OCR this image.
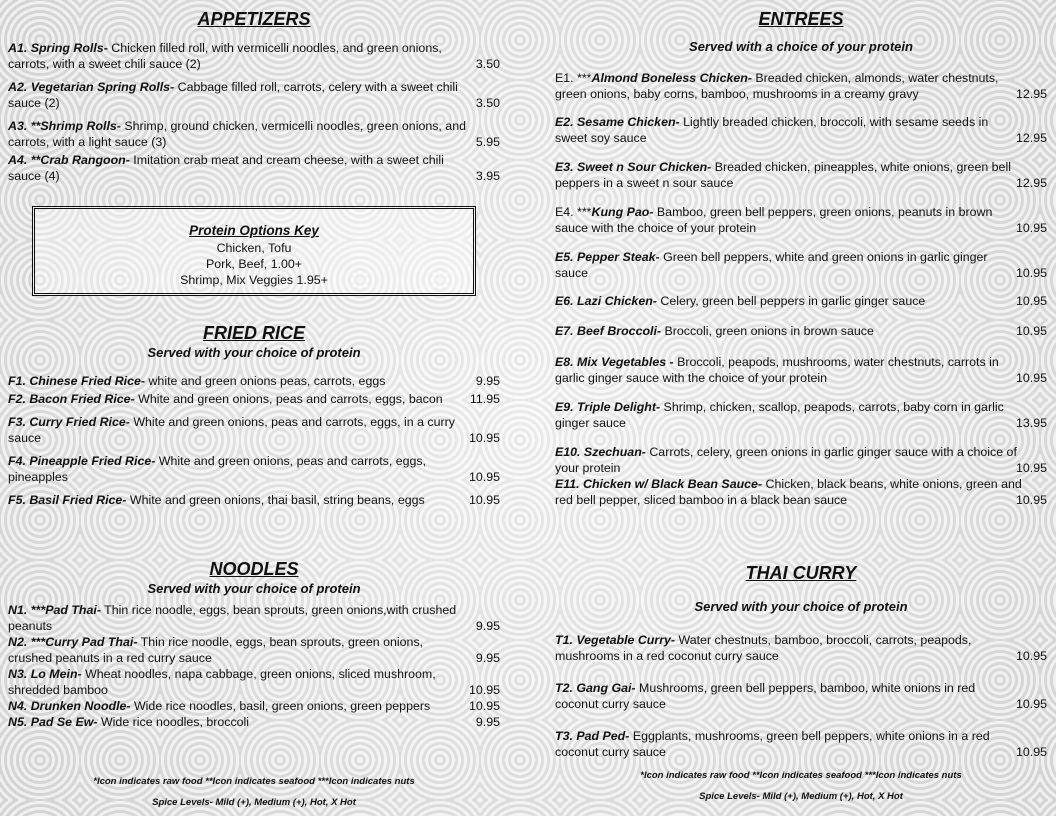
APPETIZERS
A1. Spring Rolls- Chicken filled roll, with vermicelli noodles, and green onions,
carrots, with a sweet chili sauce (2)	3.50
A2. Vegetarian Spring Rolls- Cabbage filled roll, carrots, celery with a sweet chili
sauce (2)	3.50
A3. **Shrimp Rolls- Shrimp, ground chicken, vermicelli noodles, green onions, and
carrots, with a light sauce (3)	5.95
A4. **Crab Rangoon- Imitation crab meat and cream cheese, with a sweet chili
sauce (4)	3.95
Protein Options Key
Chicken, Tofu
Pork, Beef, 1.00+
Shrimp, Mix Veggies 1.95+
FRIED RICE
Served with your choice of protein
F1. Chinese Fried Rice- white and green onions peas, carrots, eggs	9.95
F2. Bacon Fried Rice- White and green onions, peas and carrots, eggs, bacon	11.95
F3. Curry Fried Rice- White and green onions, peas and carrots, eggs, in a curry
sauce	10.95
F4. Pineapple Fried Rice- White and green onions, peas and carrots, eggs,
pineapples	10.95
F5. Basil Fried Rice- White and green onions, thai basil, string beans, eggs	10.95
NOODLES
Served with your choice of protein
N1. ***Pad Thai- Thin rice noodle, eggs, bean sprouts, green onions,with crushed
peanuts	9.95
N2. ***Curry Pad Thai- Thin rice noodle, eggs, bean sprouts, green onions,
crushed peanuts in a red curry sauce	9.95
N3. Lo Mein- Wheat noodles, napa cabbage, green onions, sliced mushroom,
shredded bamboo	10.95
N4. Drunken Noodle- Wide rice noodles, basil, green onions, green peppers	10.95
N5. Pad Se Ew- Wide rice noodles, broccoli	9.95
*Icon indicates raw food **Icon indicates seafood ***Icon indicates nuts
Spice Levels- Mild (+), Medium (+), Hot, X Hot
ENTREES
Served with a choice of your protein
E1. ***Almond Boneless Chicken- Breaded chicken, almonds, water chestnuts,
green onions, baby corns, bamboo, mushrooms in a creamy gravy	12.95
E2. Sesame Chicken- Lightly breaded chicken, broccoli, with sesame seeds in
sweet soy sauce	12.95
E3. Sweet n Sour Chicken- Breaded chicken, pineapples, white onions, green bell
peppers in a sweet n sour sauce	12.95
E4. ***Kung Pao- Bamboo, green bell peppers, green onions, peanuts in brown
sauce with the choice of your protein	10.95
E5. Pepper Steak- Green bell peppers, white and green onions in garlic ginger
sauce	10.95
E6. Lazi Chicken- Celery, green bell peppers in garlic ginger sauce	10.95
E7. Beef Broccoli- Broccoli, green onions in brown sauce	10.95
E8. Mix Vegetables - Broccoli, peapods, mushrooms, water chestnuts, carrots in
garlic ginger sauce with the choice of your protein	10.95
E9. Triple Delight- Shrimp, chicken, scallop, peapods, carrots, baby corn in garlic
ginger sauce	13.95
E10. Szechuan- Carrots, celery, green onions in garlic ginger sauce with a choice of
your protein	10.95
E11. Chicken w/ Black Bean Sauce- Chicken, black beans, white onions, green and
red bell pepper, sliced bamboo in a black bean sauce	10.95
THAI CURRY
Served with your choice of protein
T1. Vegetable Curry- Water chestnuts, bamboo, broccoli, carrots, peapods,
mushrooms in a red coconut curry sauce	10.95
T2. Gang Gai- Mushrooms, green bell peppers, bamboo, white onions in red
coconut curry sauce	10.95
T3. Pad Ped- Eggplants, mushrooms, green bell peppers, white onions in a red
coconut curry sauce	10.95
*Icon indicates raw food **Icon indicates seafood ***Icon indicates nuts
Spice Levels- Mild (+), Medium (+), Hot, X Hot
